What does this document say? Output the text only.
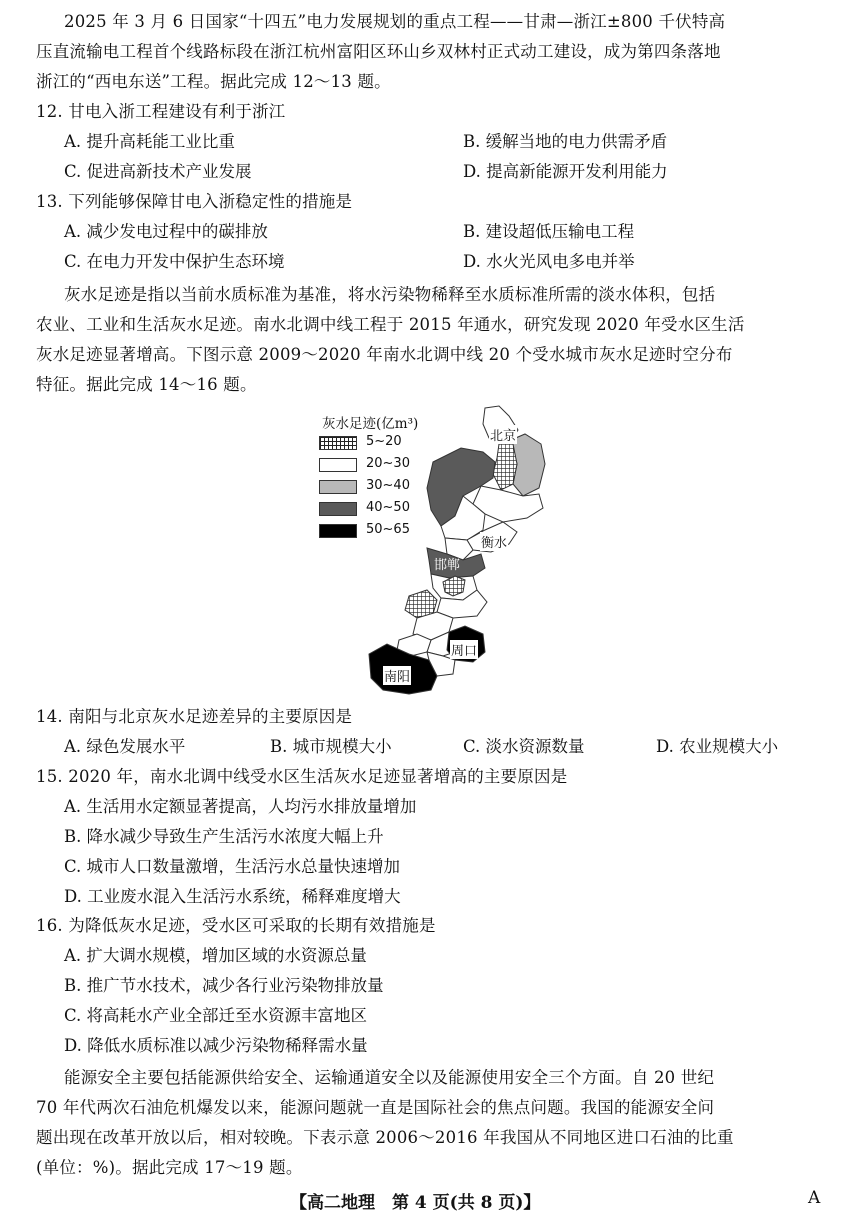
2025 年 3 月 6 日国家“十四五”电力发展规划的重点工程——甘肃—浙江±800 千伏特高
压直流输电工程首个线路标段在浙江杭州富阳区环山乡双林村正式动工建设，成为第四条落地
浙江的“西电东送”工程。据此完成 12～13 题。
12. 甘电入浙工程建设有利于浙江
A. 提升高耗能工业比重	B. 缓解当地的电力供需矛盾
C. 促进高新技术产业发展	D. 提高新能源开发利用能力
13. 下列能够保障甘电入浙稳定性的措施是
A. 减少发电过程中的碳排放	B. 建设超低压输电工程
C. 在电力开发中保护生态环境	D. 水火光风电多电并举
灰水足迹是指以当前水质标准为基准，将水污染物稀释至水质标准所需的淡水体积，包括
农业、工业和生活灰水足迹。南水北调中线工程于 2015 年通水，研究发现 2020 年受水区生活
灰水足迹显著增高。下图示意 2009～2020 年南水北调中线 20 个受水城市灰水足迹时空分布
特征。据此完成 14～16 题。
灰水足迹(亿m³)
5~20
20~30
30~40
40~50
50~65
北京
衡水
邯郸
周口
南阳
14. 南阳与北京灰水足迹差异的主要原因是
A. 绿色发展水平	B. 城市规模大小	C. 淡水资源数量	D. 农业规模大小
15. 2020 年，南水北调中线受水区生活灰水足迹显著增高的主要原因是
A. 生活用水定额显著提高，人均污水排放量增加
B. 降水减少导致生产生活污水浓度大幅上升
C. 城市人口数量激增，生活污水总量快速增加
D. 工业废水混入生活污水系统，稀释难度增大
16. 为降低灰水足迹，受水区可采取的长期有效措施是
A. 扩大调水规模，增加区域的水资源总量
B. 推广节水技术，减少各行业污染物排放量
C. 将高耗水产业全部迁至水资源丰富地区
D. 降低水质标准以减少污染物稀释需水量
能源安全主要包括能源供给安全、运输通道安全以及能源使用安全三个方面。自 20 世纪
70 年代两次石油危机爆发以来，能源问题就一直是国际社会的焦点问题。我国的能源安全问
题出现在改革开放以后，相对较晚。下表示意 2006～2016 年我国从不同地区进口石油的比重
(单位：%)。据此完成 17～19 题。
【高二地理　第 4 页(共 8 页)】	A
